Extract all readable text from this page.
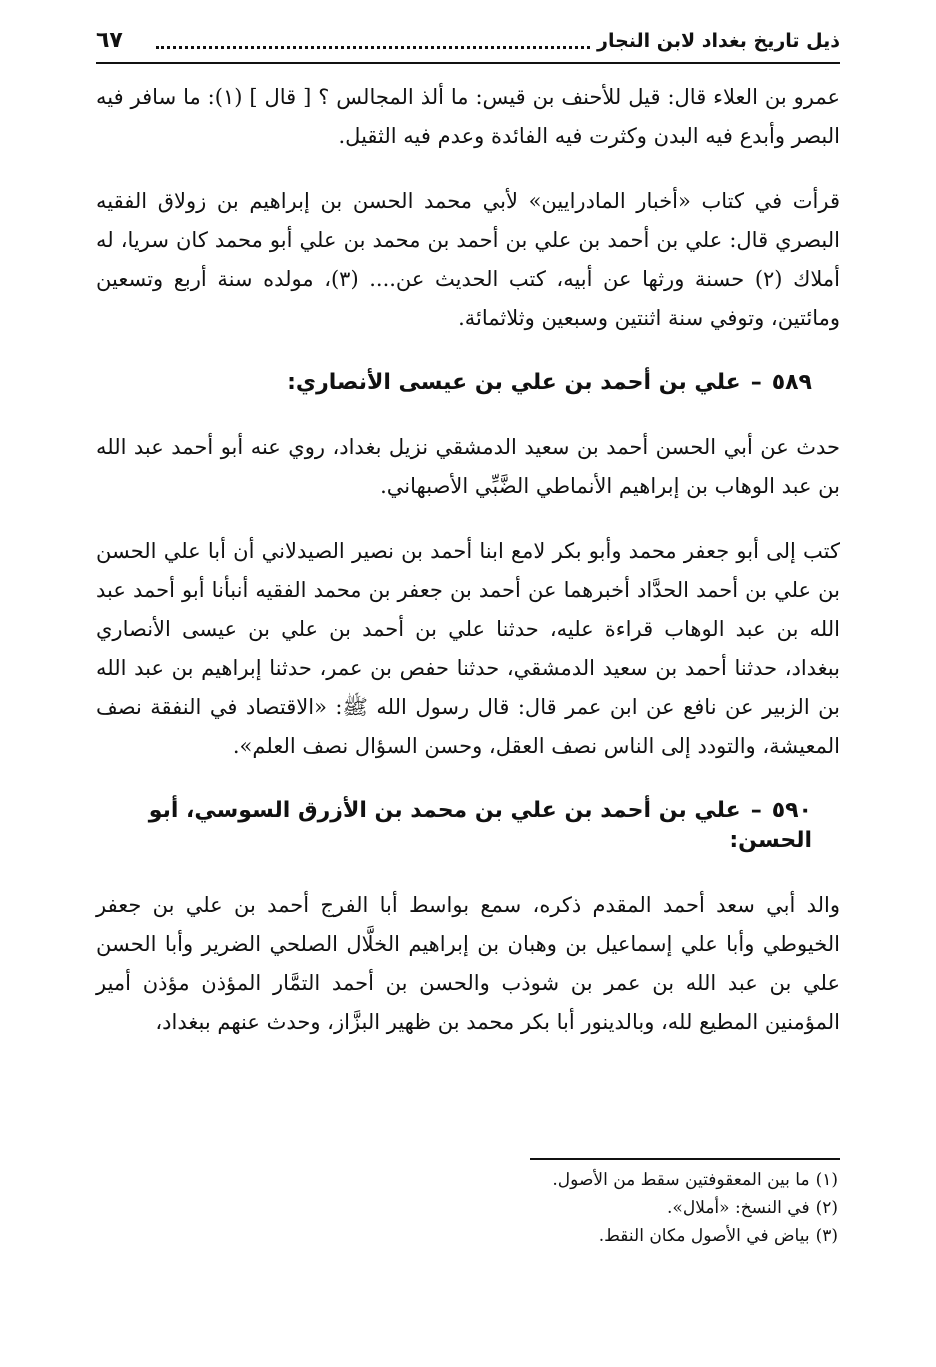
ذيل تاريخ بغداد لابن النجار
٦٧

عمرو بن العلاء قال: قيل للأحنف بن قيس: ما ألذ المجالس ؟ [ قال ] (١): ما سافر فيه البصر وأبدع فيه البدن وكثرت فيه الفائدة وعدم فيه الثقيل.

قرأت في كتاب «أخبار المادرايين» لأبي محمد الحسن بن إبراهيم بن زولاق الفقيه البصري قال: علي بن أحمد بن علي بن أحمد بن محمد بن علي أبو محمد كان سريا، له أملاك (٢) حسنة ورثها عن أبيه، كتب الحديث عن.... (٣)، مولده سنة أربع وتسعين ومائتين، وتوفي سنة اثنتين وسبعين وثلاثمائة.

٥٨٩–علي بن أحمد بن علي بن عيسى الأنصاري:

حدث عن أبي الحسن أحمد بن سعيد الدمشقي نزيل بغداد، روي عنه أبو أحمد عبد الله بن عبد الوهاب بن إبراهيم الأنماطي الضَّبِّي الأصبهاني.

كتب إلى أبو جعفر محمد وأبو بكر لامع ابنا أحمد بن نصير الصيدلاني أن أبا علي الحسن بن علي بن أحمد الحدَّاد أخبرهما عن أحمد بن جعفر بن محمد الفقيه أنبأنا أبو أحمد عبد الله بن عبد الوهاب قراءة عليه، حدثنا علي بن أحمد بن علي بن عيسى الأنصاري ببغداد، حدثنا أحمد بن سعيد الدمشقي، حدثنا حفص بن عمر، حدثنا إبراهيم بن عبد الله بن الزبير عن نافع عن ابن عمر قال: قال رسول الله ﷺ: «الاقتصاد في النفقة نصف المعيشة، والتودد إلى الناس نصف العقل، وحسن السؤال نصف العلم».

٥٩٠–علي بن أحمد بن علي بن محمد بن الأزرق السوسي، أبو الحسن:

والد أبي سعد أحمد المقدم ذكره، سمع بواسط أبا الفرج أحمد بن علي بن جعفر الخيوطي وأبا علي إسماعيل بن وهبان بن إبراهيم الخلَّال الصلحي الضرير وأبا الحسن علي بن عبد الله بن عمر بن شوذب والحسن بن أحمد التمَّار المؤذن مؤذن أمير المؤمنين المطيع لله، وبالدينور أبا بكر محمد بن ظهير البزَّاز، وحدث عنهم ببغداد،

(١)ما بين المعقوفتين سقط من الأصول.

(٢)في النسخ: «أملال».

(٣)بياض في الأصول مكان النقط.
